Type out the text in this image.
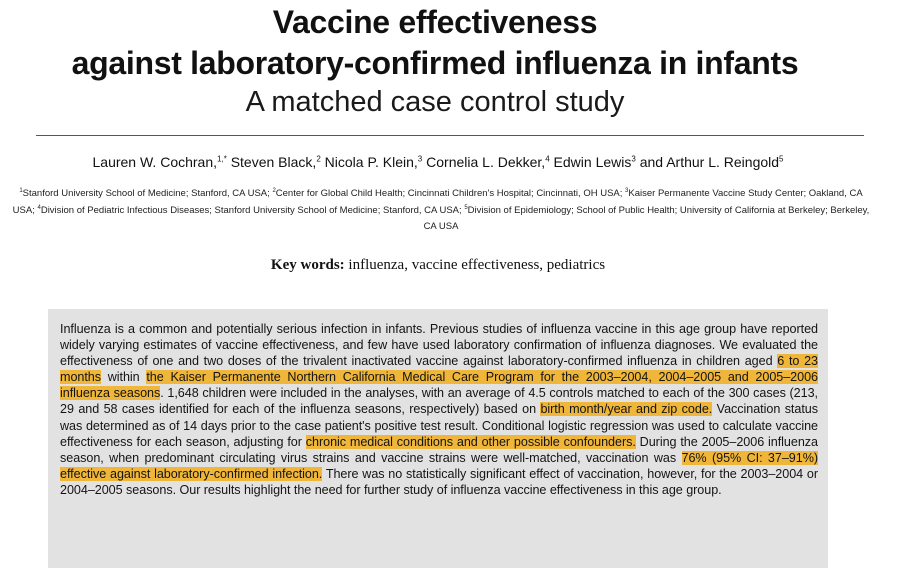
Vaccine effectiveness
against laboratory-confirmed influenza in infants
A matched case control study
Lauren W. Cochran,$^{1,*}$ Steven Black,$^2$ Nicola P. Klein,$^3$ Cornelia L. Dekker,$^4$ Edwin Lewis$^3$ and Arthur L. Reingold$^5$
$^1$Stanford University School of Medicine; Stanford, CA USA; $^2$Center for Global Child Health; Cincinnati Children's Hospital; Cincinnati, OH USA; $^3$Kaiser Permanente Vaccine Study Center; Oakland, CA USA; $^4$Division of Pediatric Infectious Diseases; Stanford University School of Medicine; Stanford, CA USA; $^5$Division of Epidemiology; School of Public Health; University of California at Berkeley; Berkeley, CA USA
Key words: influenza, vaccine effectiveness, pediatrics
Influenza is a common and potentially serious infection in infants. Previous studies of influenza vaccine in this age group have reported widely varying estimates of vaccine effectiveness, and few have used laboratory confirmation of influenza diagnoses. We evaluated the effectiveness of one and two doses of the trivalent inactivated vaccine against laboratory-confirmed influenza in children aged 6 to 23 months within the Kaiser Permanente Northern California Medical Care Program for the 2003–2004, 2004–2005 and 2005–2006 influenza seasons. 1,648 children were included in the analyses, with an average of 4.5 controls matched to each of the 300 cases (213, 29 and 58 cases identified for each of the influenza seasons, respectively) based on birth month/year and zip code. Vaccination status was determined as of 14 days prior to the case patient's positive test result. Conditional logistic regression was used to calculate vaccine effectiveness for each season, adjusting for chronic medical conditions and other possible confounders. During the 2005–2006 influenza season, when predominant circulating virus strains and vaccine strains were well-matched, vaccination was 76% (95% CI: 37–91%) effective against laboratory-confirmed infection. There was no statistically significant effect of vaccination, however, for the 2003–2004 or 2004–2005 seasons. Our results highlight the need for further study of influenza vaccine effectiveness in this age group.
